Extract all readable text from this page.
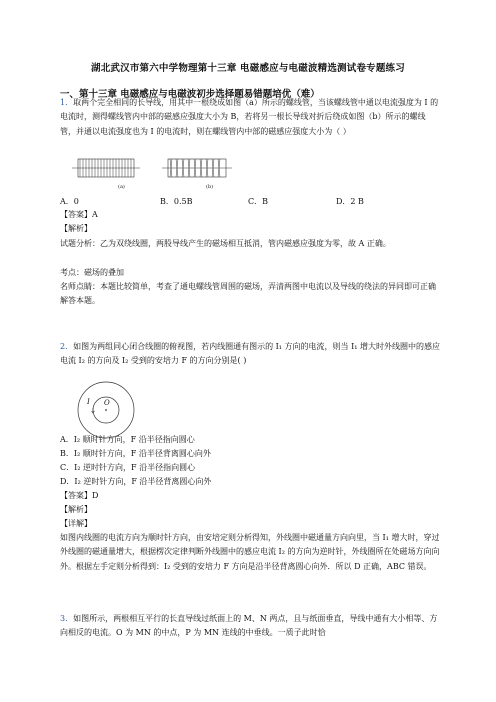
湖北武汉市第六中学物理第十三章 电磁感应与电磁波精选测试卷专题练习
一、第十三章 电磁感应与电磁波初步选择题易错题培优（难）
1．取两个完全相同的长导线，用其中一根绕成如图（a）所示的螺线管，当该螺线管中通以电流强度为 I 的电流时，测得螺线管内中部的磁感应强度大小为 B，若将另一根长导线对折后绕成如图（b）所示的螺线管，并通以电流强度也为 I 的电流时，则在螺线管内中部的磁感应强度大小为（ ）
(a)	(b)
A．0	B．0.5B	C．B	D．2 B
【答案】A
【解析】
试题分析：乙为双绕线圈，两股导线产生的磁场相互抵消，管内磁感应强度为零，故 A 正确。
考点：磁场的叠加
名师点睛：本题比较简单，考查了通电螺线管周围的磁场，弄清两图中电流以及导线的绕法的异同即可正确解答本题。
2．如图为两组同心闭合线圈的俯视图，若内线圈通有图示的 I₁ 方向的电流，则当 I₁ 增大时外线圈中的感应电流 I₂ 的方向及 I₂ 受到的安培力 F 的方向分别是( )
I O
A．I₂ 顺时针方向，F 沿半径指向圆心
B．I₂ 顺时针方向，F 沿半径背离圆心向外
C．I₂ 逆时针方向，F 沿半径指向圆心
D．I₂ 逆时针方向，F 沿半径背离圆心向外
【答案】D
【解析】
【详解】
如图内线圈的电流方向为顺时针方向，由安培定则分析得知，外线圈中磁通量方向向里，当 I₁ 增大时，穿过外线圈的磁通量增大，根据楞次定律判断外线圈中的感应电流 I₂ 的方向为逆时针，外线圈所在处磁场方向向外。根据左手定则分析得到：I₂ 受到的安培力 F 方向是沿半径背离圆心向外．所以 D 正确，ABC 错误。
3．如图所示，两根相互平行的长直导线过纸面上的 M、N 两点，且与纸面垂直，导线中通有大小相等、方向相反的电流。O 为 MN 的中点，P 为 MN 连线的中垂线。一质子此时恰
